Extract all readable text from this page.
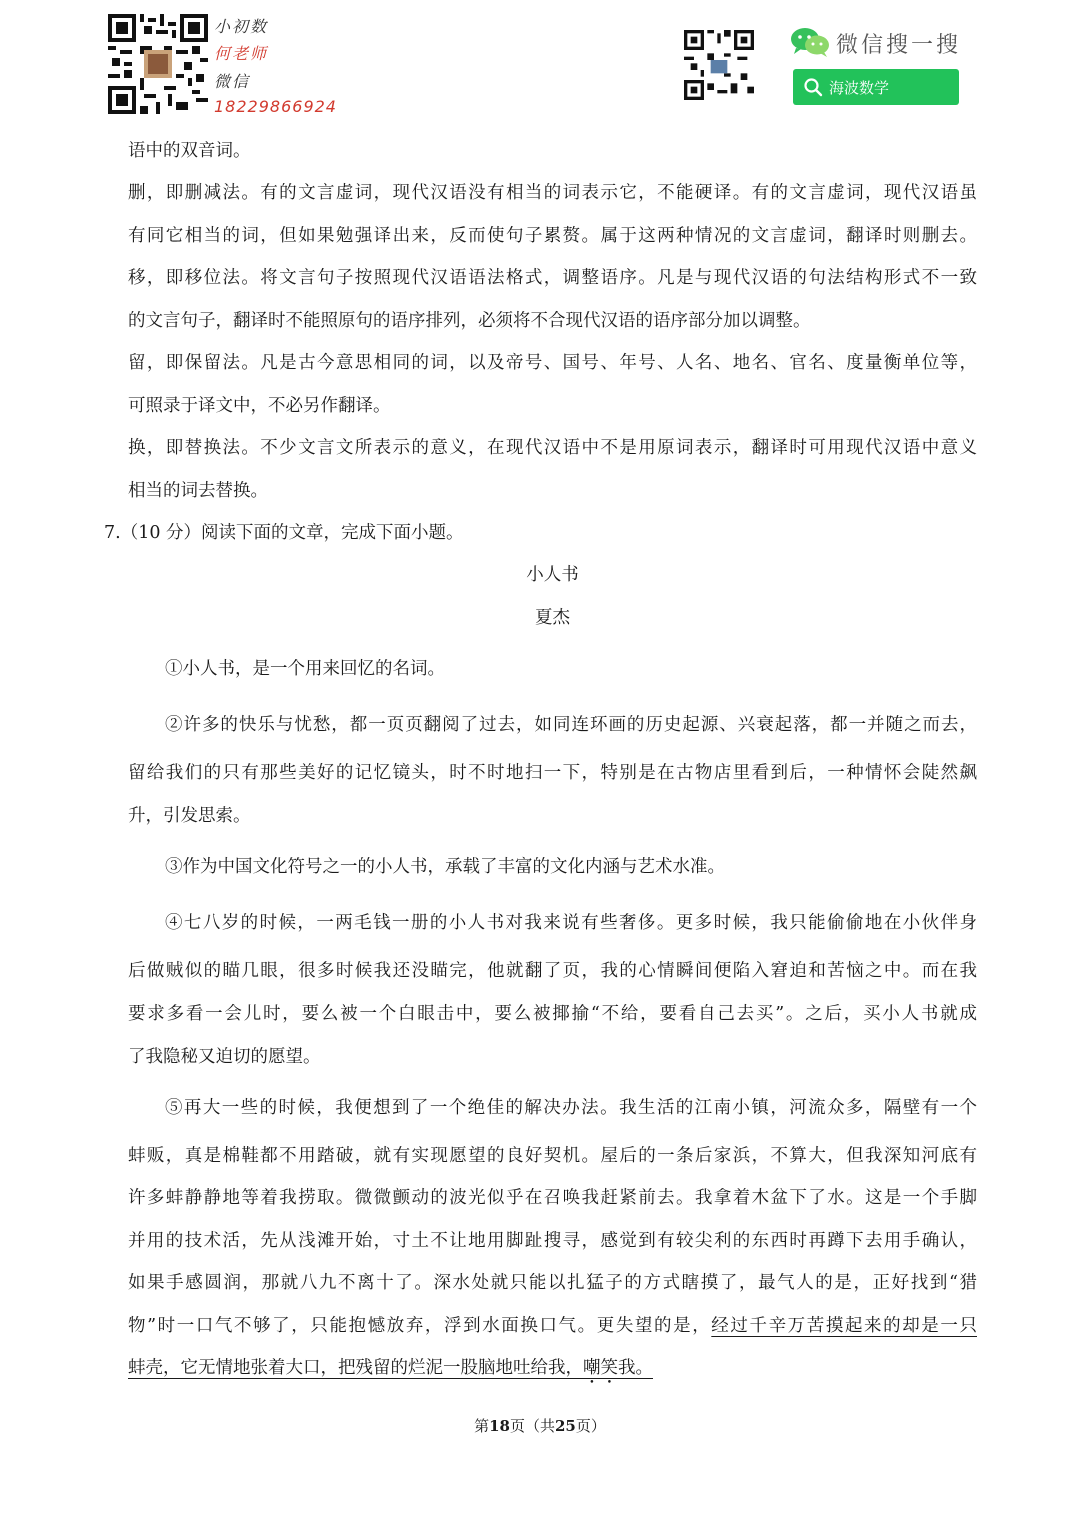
小初数
何老师
微信
18229866924
微信搜一搜
海波数学
语中的双音词。
删，即删减法。有的文言虚词，现代汉语没有相当的词表示它，不能硬译。有的文言虚词，现代汉语虽
有同它相当的词，但如果勉强译出来，反而使句子累赘。属于这两种情况的文言虚词，翻译时则删去。
移，即移位法。将文言句子按照现代汉语语法格式，调整语序。凡是与现代汉语的句法结构形式不一致
的文言句子，翻译时不能照原句的语序排列，必须将不合现代汉语的语序部分加以调整。
留，即保留法。凡是古今意思相同的词，以及帝号、国号、年号、人名、地名、官名、度量衡单位等，
可照录于译文中，不必另作翻译。
换，即替换法。不少文言文所表示的意义，在现代汉语中不是用原词表示，翻译时可用现代汉语中意义
相当的词去替换。
7.（10 分）阅读下面的文章，完成下面小题。
小人书
夏杰
①小人书，是一个用来回忆的名词。
②许多的快乐与忧愁，都一页页翻阅了过去，如同连环画的历史起源、兴衰起落，都一并随之而去，
留给我们的只有那些美好的记忆镜头，时不时地扫一下，特别是在古物店里看到后，一种情怀会陡然飙
升，引发思索。
③作为中国文化符号之一的小人书，承载了丰富的文化内涵与艺术水准。
④七八岁的时候，一两毛钱一册的小人书对我来说有些奢侈。更多时候，我只能偷偷地在小伙伴身
后做贼似的瞄几眼，很多时候我还没瞄完，他就翻了页，我的心情瞬间便陷入窘迫和苦恼之中。而在我
要求多看一会儿时，要么被一个白眼击中，要么被揶揄“不给，要看自己去买”。之后，买小人书就成
了我隐秘又迫切的愿望。
⑤再大一些的时候，我便想到了一个绝佳的解决办法。我生活的江南小镇，河流众多，隔壁有一个
蚌贩，真是棉鞋都不用踏破，就有实现愿望的良好契机。屋后的一条后家浜，不算大，但我深知河底有
许多蚌静静地等着我捞取。微微颤动的波光似乎在召唤我赶紧前去。我拿着木盆下了水。这是一个手脚
并用的技术活，先从浅滩开始，寸土不让地用脚趾搜寻，感觉到有较尖利的东西时再蹲下去用手确认，
如果手感圆润，那就八九不离十了。深水处就只能以扎猛子的方式瞎摸了，最气人的是，正好找到“猎
物”时一口气不够了，只能抱憾放弃，浮到水面换口气。更失望的是，经过千辛万苦摸起来的却是一只
蚌壳，它无情地张着大口，把残留的烂泥一股脑地吐给我，嘲笑我。
第18页（共25页）
